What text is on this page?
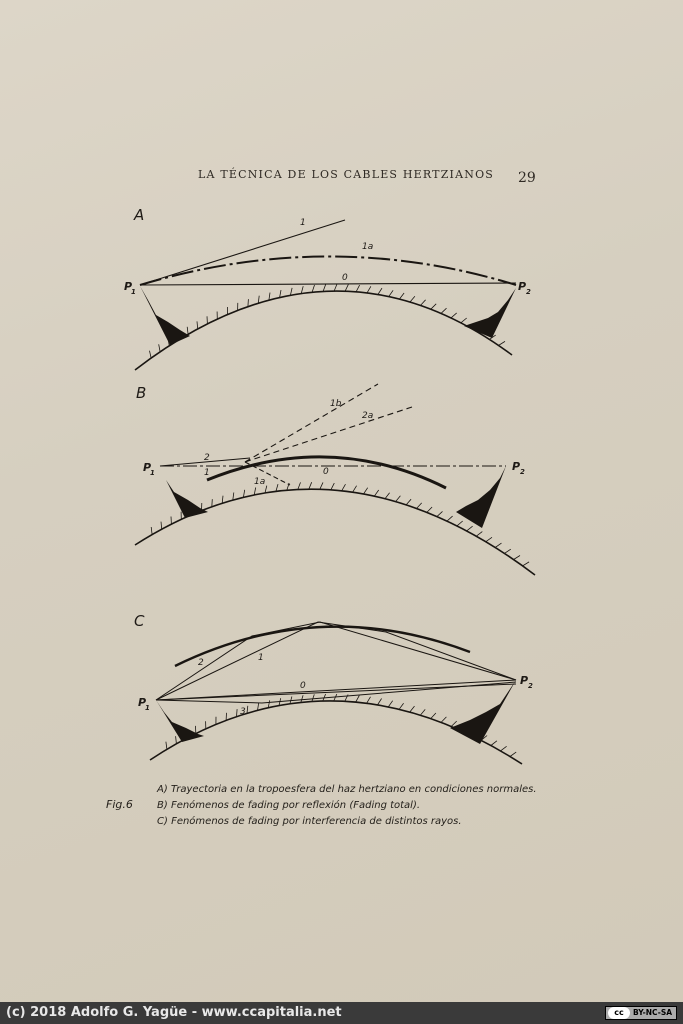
LA TÉCNICA DE LOS CABLES HERTZIANOS 29
A	1
1a
0
P
1	P 2
B
1b
2a
2
1	0
1a
P
1	P 2
C
2	1
0
3
P
1
P 2
Fig.6
A) Trayectoria en la tropoesfera del haz hertziano en condiciones normales.
B) Fenómenos de fading por reflexión (Fading total).
C) Fenómenos de fading por interferencia de distintos rayos.
(c) 2018 Adolfo G. Yagüe - www.ccapitalia.net	cc	BY-NC-SA
